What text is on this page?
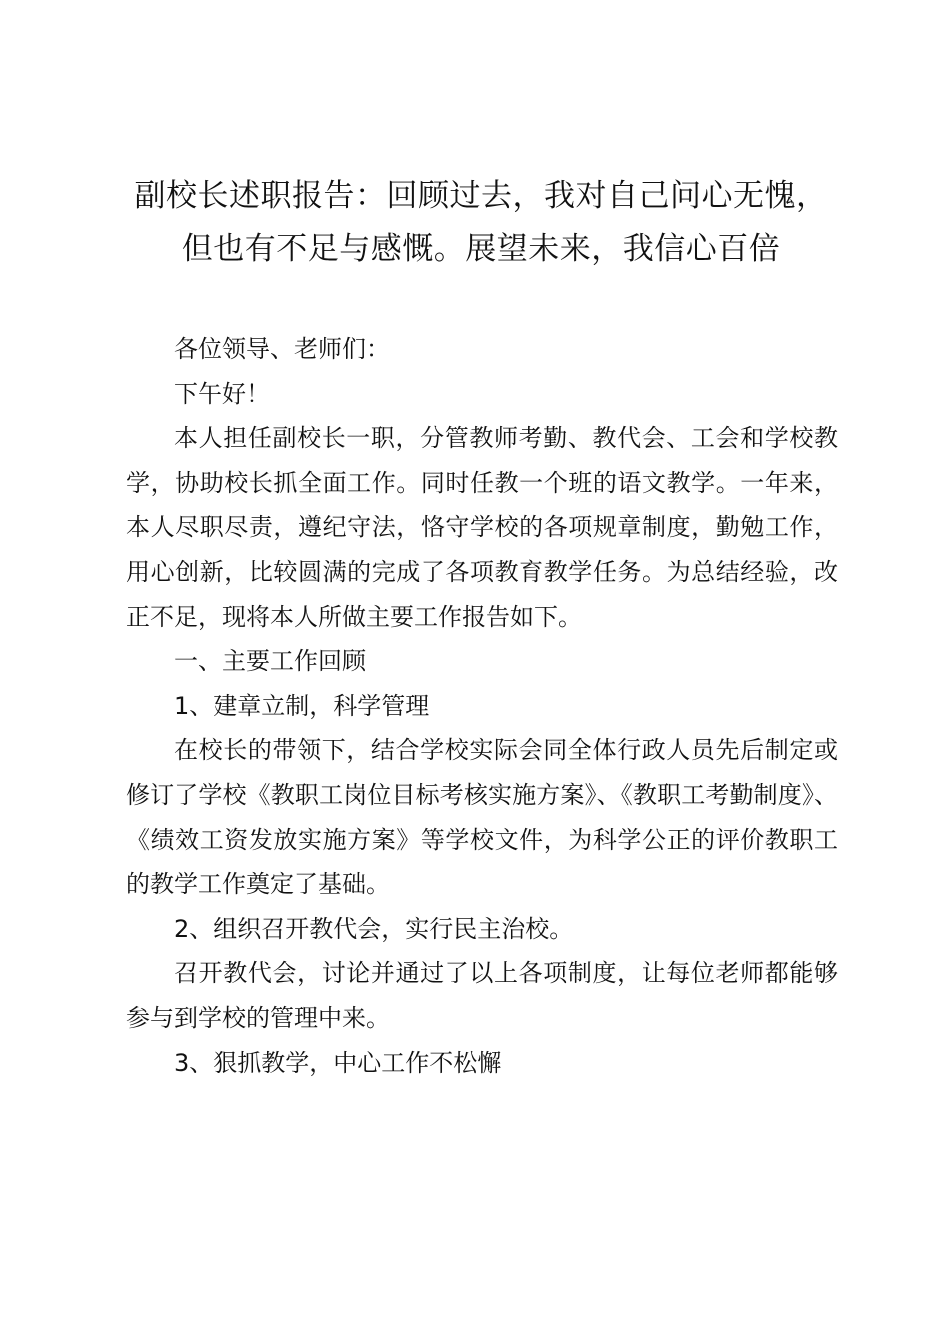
副校长述职报告：回顾过去，我对自己问心无愧，但也有不足与感慨。展望未来，我信心百倍

各位领导、老师们：

下午好！

本人担任副校长一职，分管教师考勤、教代会、工会和学校教学，协助校长抓全面工作。同时任教一个班的语文教学。一年来，本人尽职尽责，遵纪守法，恪守学校的各项规章制度，勤勉工作，用心创新，比较圆满的完成了各项教育教学任务。为总结经验，改正不足，现将本人所做主要工作报告如下。

一、主要工作回顾

1、建章立制，科学管理

在校长的带领下，结合学校实际会同全体行政人员先后制定或修订了学校《教职工岗位目标考核实施方案》、《教职工考勤制度》、《绩效工资发放实施方案》等学校文件，为科学公正的评价教职工的教学工作奠定了基础。

2、组织召开教代会，实行民主治校。

召开教代会，讨论并通过了以上各项制度，让每位老师都能够参与到学校的管理中来。

3、狠抓教学，中心工作不松懈
